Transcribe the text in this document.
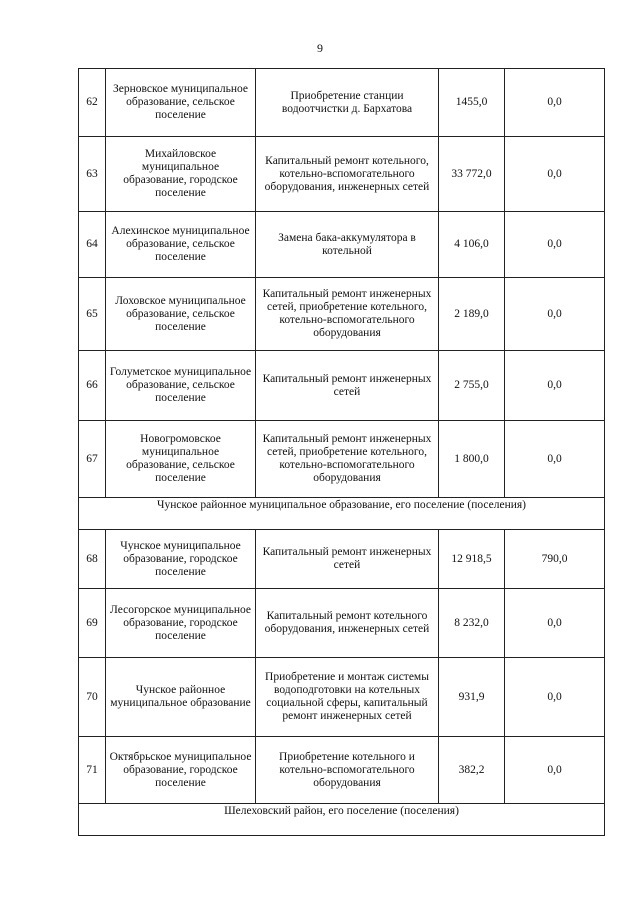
9
62	Зерновское муниципальное образование, сельское поселение	Приобретение станции водоотчистки д. Бархатова	1455,0	0,0
63	Михайловское муниципальное образование, городское поселение	Капитальный ремонт котельного, котельно-вспомогательного оборудования, инженерных сетей	33 772,0	0,0
64	Алехинское муниципальное образование, сельское поселение	Замена бака-аккумулятора в котельной	4 106,0	0,0
65	Лоховское муниципальное образование, сельское поселение	Капитальный ремонт инженерных сетей, приобретение котельного, котельно-вспомогательного оборудования	2 189,0	0,0
66	Голуметское муниципальное образование, сельское поселение	Капитальный ремонт инженерных сетей	2 755,0	0,0
67	Новогромовское муниципальное образование, сельское поселение	Капитальный ремонт инженерных сетей, приобретение котельного, котельно-вспомогательного оборудования	1 800,0	0,0
Чунское районное муниципальное образование, его поселение (поселения)				
68	Чунское муниципальное образование, городское поселение	Капитальный ремонт инженерных сетей	12 918,5	790,0
69	Лесогорское муниципальное образование, городское поселение	Капитальный ремонт котельного оборудования, инженерных сетей	8 232,0	0,0
70	Чунское районное муниципальное образование	Приобретение и монтаж системы водоподготовки на котельных социальной сферы, капитальный ремонт инженерных сетей	931,9	0,0
71	Октябрьское муниципальное образование, городское поселение	Приобретение котельного и котельно-вспомогательного оборудования	382,2	0,0
Шелеховский район, его поселение (поселения)				
